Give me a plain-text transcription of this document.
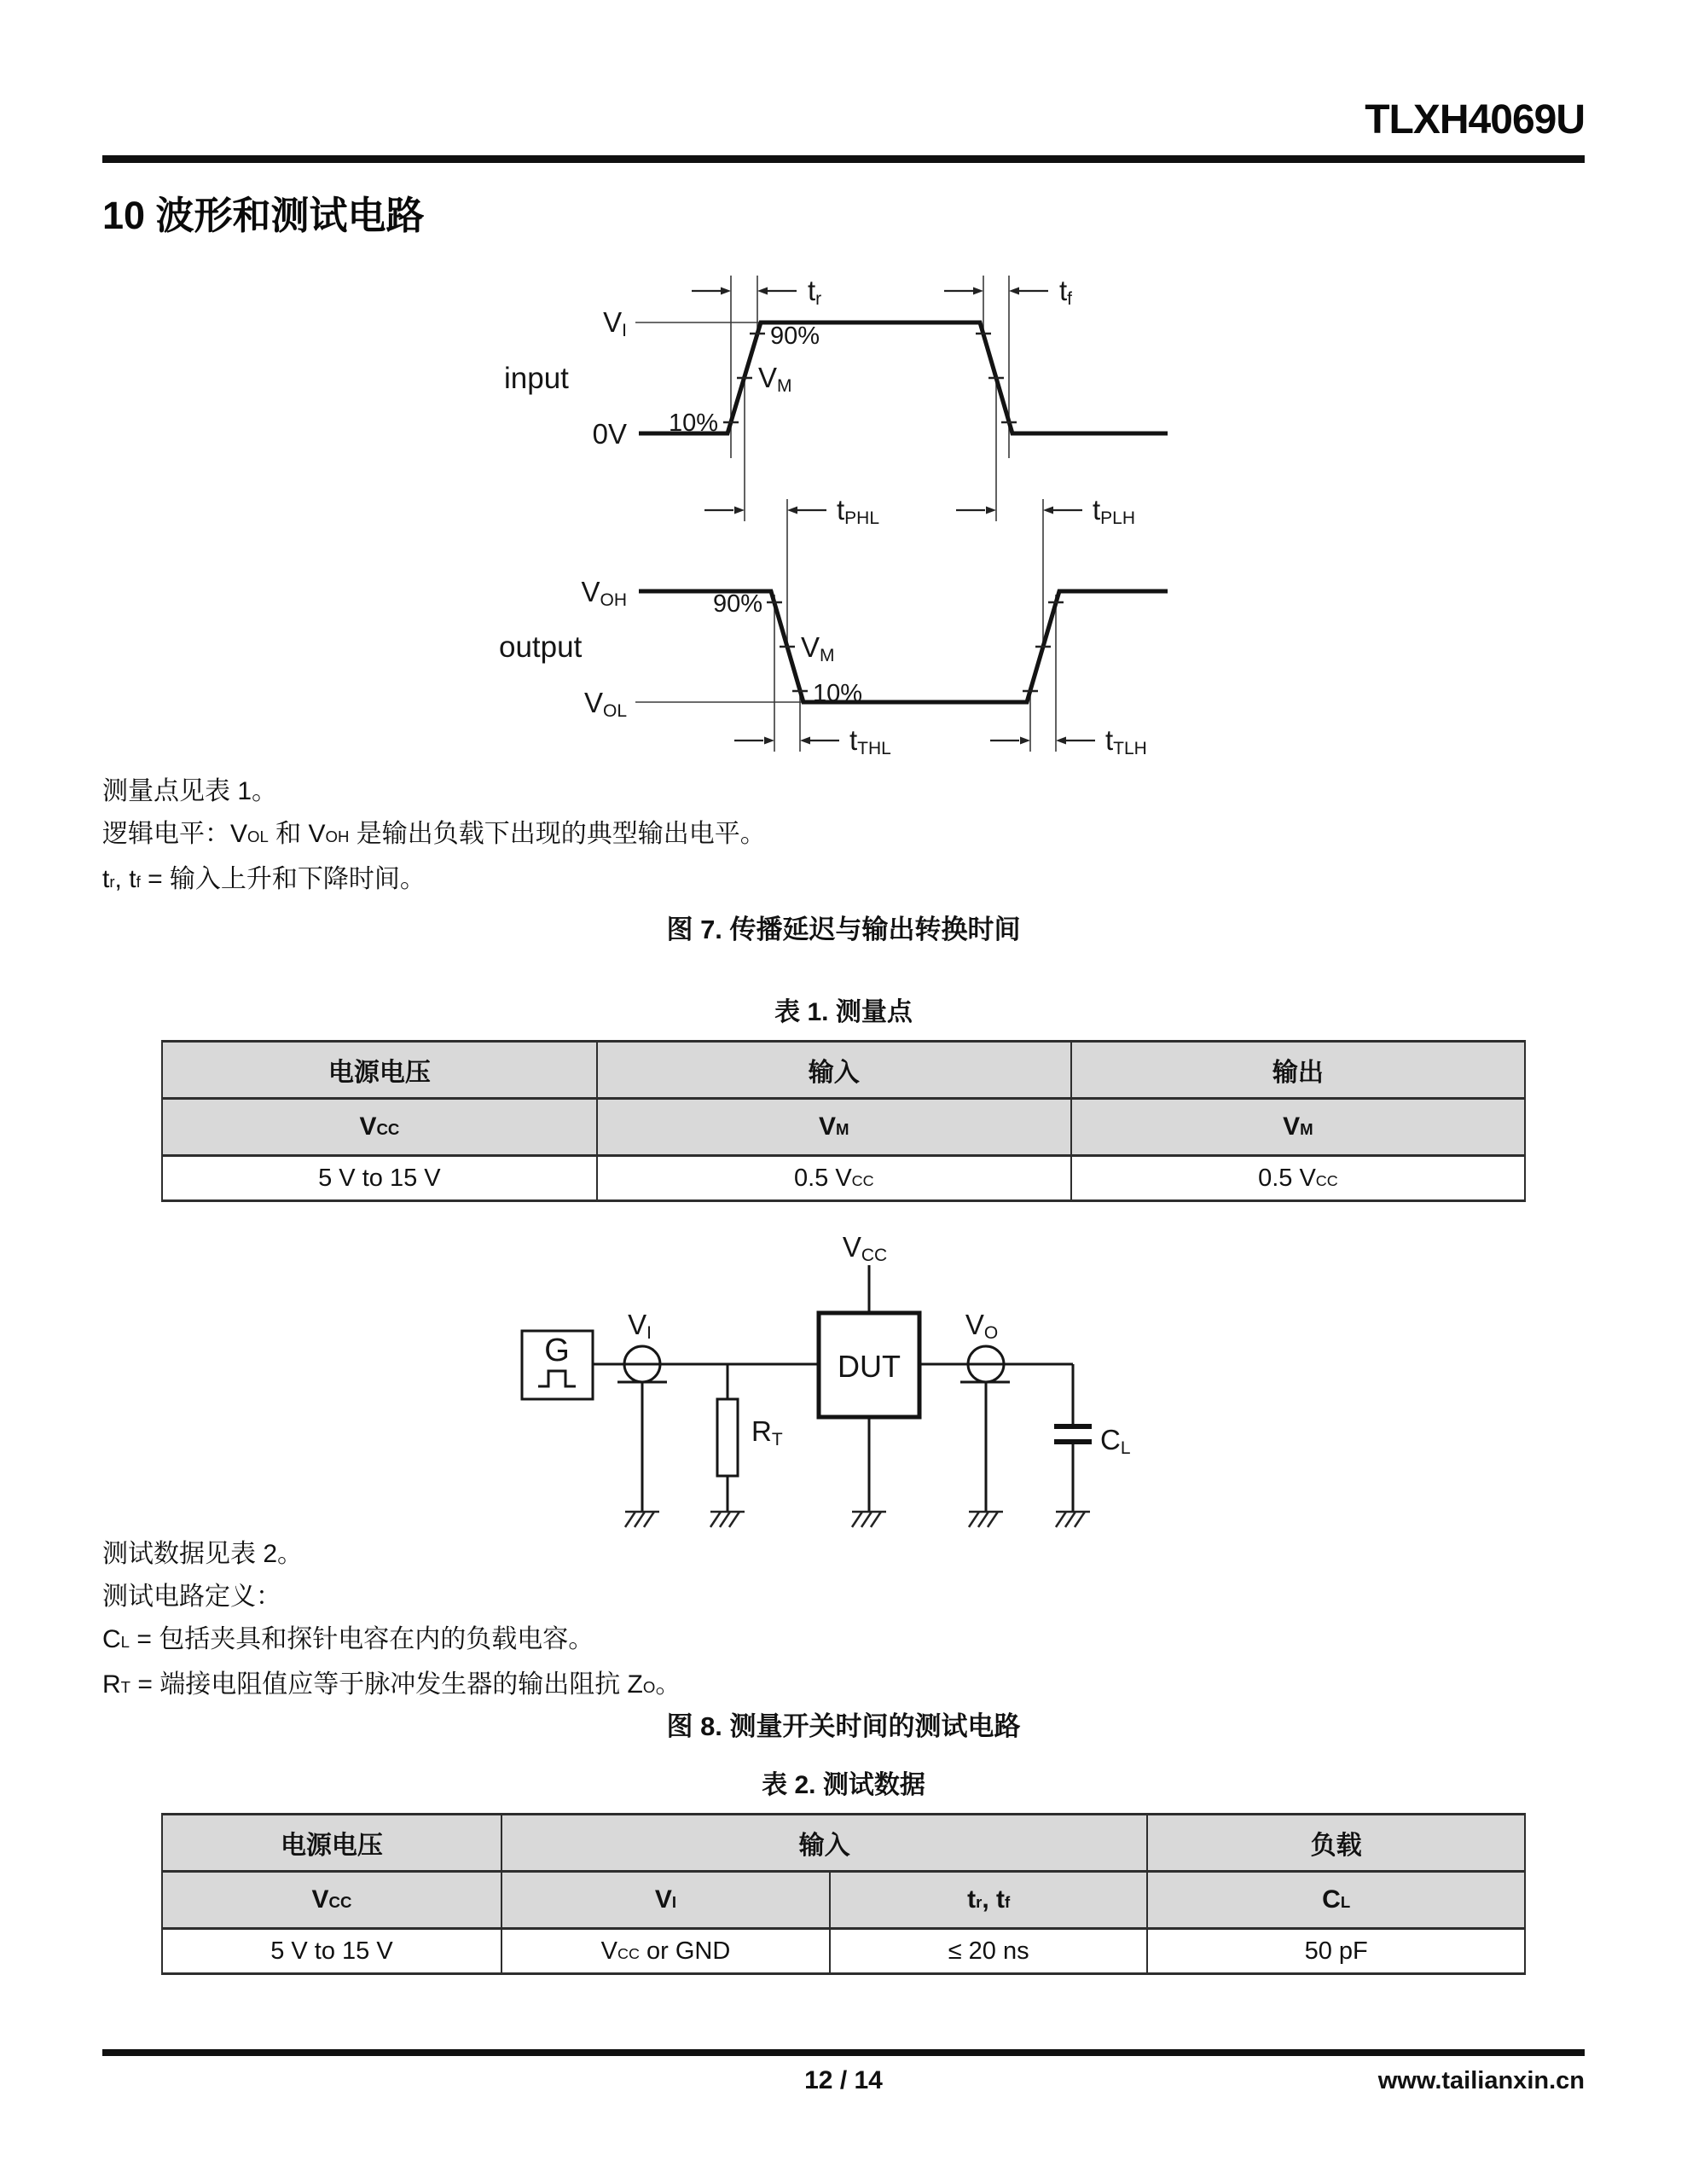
TLXH4069U
10 波形和测试电路
tr	tf
tPHL	tPLH
tTHL	tTLH
VI
input
0V 10%
90%
VM
VOH
output
VOL
90%
VM
10%

测量点见表 1。

逻辑电平：VOL 和 VOH 是输出负载下出现的典型输出电平。

tr, tf = 输入上升和下降时间。

图 7. 传播延迟与输出转换时间
表 1. 测量点
电源电压	输入	输出
VCC	VM	VM
5 V to 15 V	0.5 VCC	0.5 VCC
G
VI
RT
DUT
VCC
VO
CL

测试数据见表 2。

测试电路定义：

CL = 包括夹具和探针电容在内的负载电容。

RT = 端接电阻值应等于脉冲发生器的输出阻抗 ZO。

图 8. 测量开关时间的测试电路
表 2. 测试数据
电源电压	输入		负载
VCC	VI	tr, tf	CL
5 V to 15 V	VCC or GND	≤ 20 ns	50 pF
12 / 14	www.tailianxin.cn
